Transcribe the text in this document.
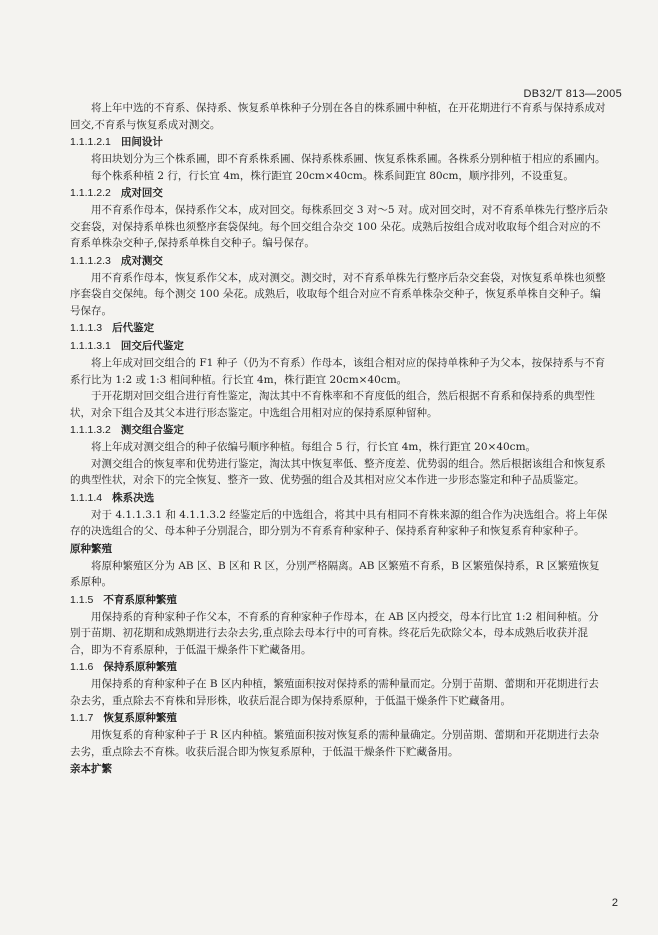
DB32/T 813—2005

将上年中选的不育系、保持系、恢复系单株种子分别在各自的株系圃中种植，在开花期进行不育系与保持系成对回交,不育系与恢复系成对测交。

1.1.1.2.1 田间设计

将田块划分为三个株系圃，即不育系株系圃、保持系株系圃、恢复系株系圃。各株系分别种植于相应的系圃内。

每个株系种植 2 行，行长宜 4m，株行距宜 20cm×40cm。株系间距宜 80cm，顺序排列，不设重复。

1.1.1.2.2 成对回交

用不育系作母本，保持系作父本，成对回交。每株系回交 3 对～5 对。成对回交时，对不育系单株先行整序后杂交套袋，对保持系单株也须整序套袋保纯。每个回交组合杂交 100 朵花。成熟后按组合成对收取每个组合对应的不育系单株杂交种子,保持系单株自交种子。编号保存。

1.1.1.2.3 成对测交

用不育系作母本，恢复系作父本，成对测交。测交时，对不育系单株先行整序后杂交套袋，对恢复系单株也须整序套袋自交保纯。每个测交 100 朵花。成熟后，收取每个组合对应不育系单株杂交种子，恢复系单株自交种子。编号保存。

1.1.1.3 后代鉴定
1.1.1.3.1 回交后代鉴定

将上年成对回交组合的 F1 种子（仍为不育系）作母本，该组合相对应的保持单株种子为父本，按保持系与不育系行比为 1:2 或 1:3 相间种植。行长宜 4m，株行距宜 20cm×40cm。

于开花期对回交组合进行育性鉴定，淘汰其中不育株率和不育度低的组合，然后根据不育系和保持系的典型性状，对余下组合及其父本进行形态鉴定。中选组合用相对应的保持系原种留种。

1.1.1.3.2 测交组合鉴定

将上年成对测交组合的种子依编号顺序种植。每组合 5 行，行长宜 4m，株行距宜 20×40cm。

对测交组合的恢复率和优势进行鉴定，淘汰其中恢复率低、整齐度差、优势弱的组合。然后根据该组合和恢复系的典型性状，对余下的完全恢复、整齐一致、优势强的组合及其相对应父本作进一步形态鉴定和种子品质鉴定。

1.1.1.4 株系决选

对于 4.1.1.3.1 和 4.1.1.3.2 经鉴定后的中选组合，将其中具有相同不育株来源的组合作为决选组合。将上年保存的决选组合的父、母本种子分别混合，即分别为不育系育种家种子、保持系育种家种子和恢复系育种家种子。

原种繁殖

将原种繁殖区分为 AB 区、B 区和 R 区，分別严格隔离。AB 区繁殖不育系，B 区繁殖保持系，R 区繁殖恢复系原种。

1.1.5 不育系原种繁殖

用保持系的育种家种子作父本，不育系的育种家种子作母本，在 AB 区内授交，母本行比宜 1:2 相间种植。分别于苗期、初花期和成熟期进行去杂去劣,重点除去母本行中的可育株。终花后先砍除父本，母本成熟后收获并混合，即为不育系原种，于低温干燥条件下贮藏备用。

1.1.6 保持系原种繁殖

用保持系的育种家种子在 B 区内种植，繁殖面积按对保持系的需种量而定。分别于苗期、蕾期和开花期进行去杂去劣，重点除去不育株和异形株，收获后混合即为保持系原种，于低温干燥条件下贮藏备用。

1.1.7 恢复系原种繁殖

用恢复系的育种家种子于 R 区内种植。繁殖面积按对恢复系的需种量确定。分别苗期、蕾期和开花期进行去杂去劣，重点除去不育株。收获后混合即为恢复系原种，于低温干燥条件下贮藏备用。

亲本扩繁
2
